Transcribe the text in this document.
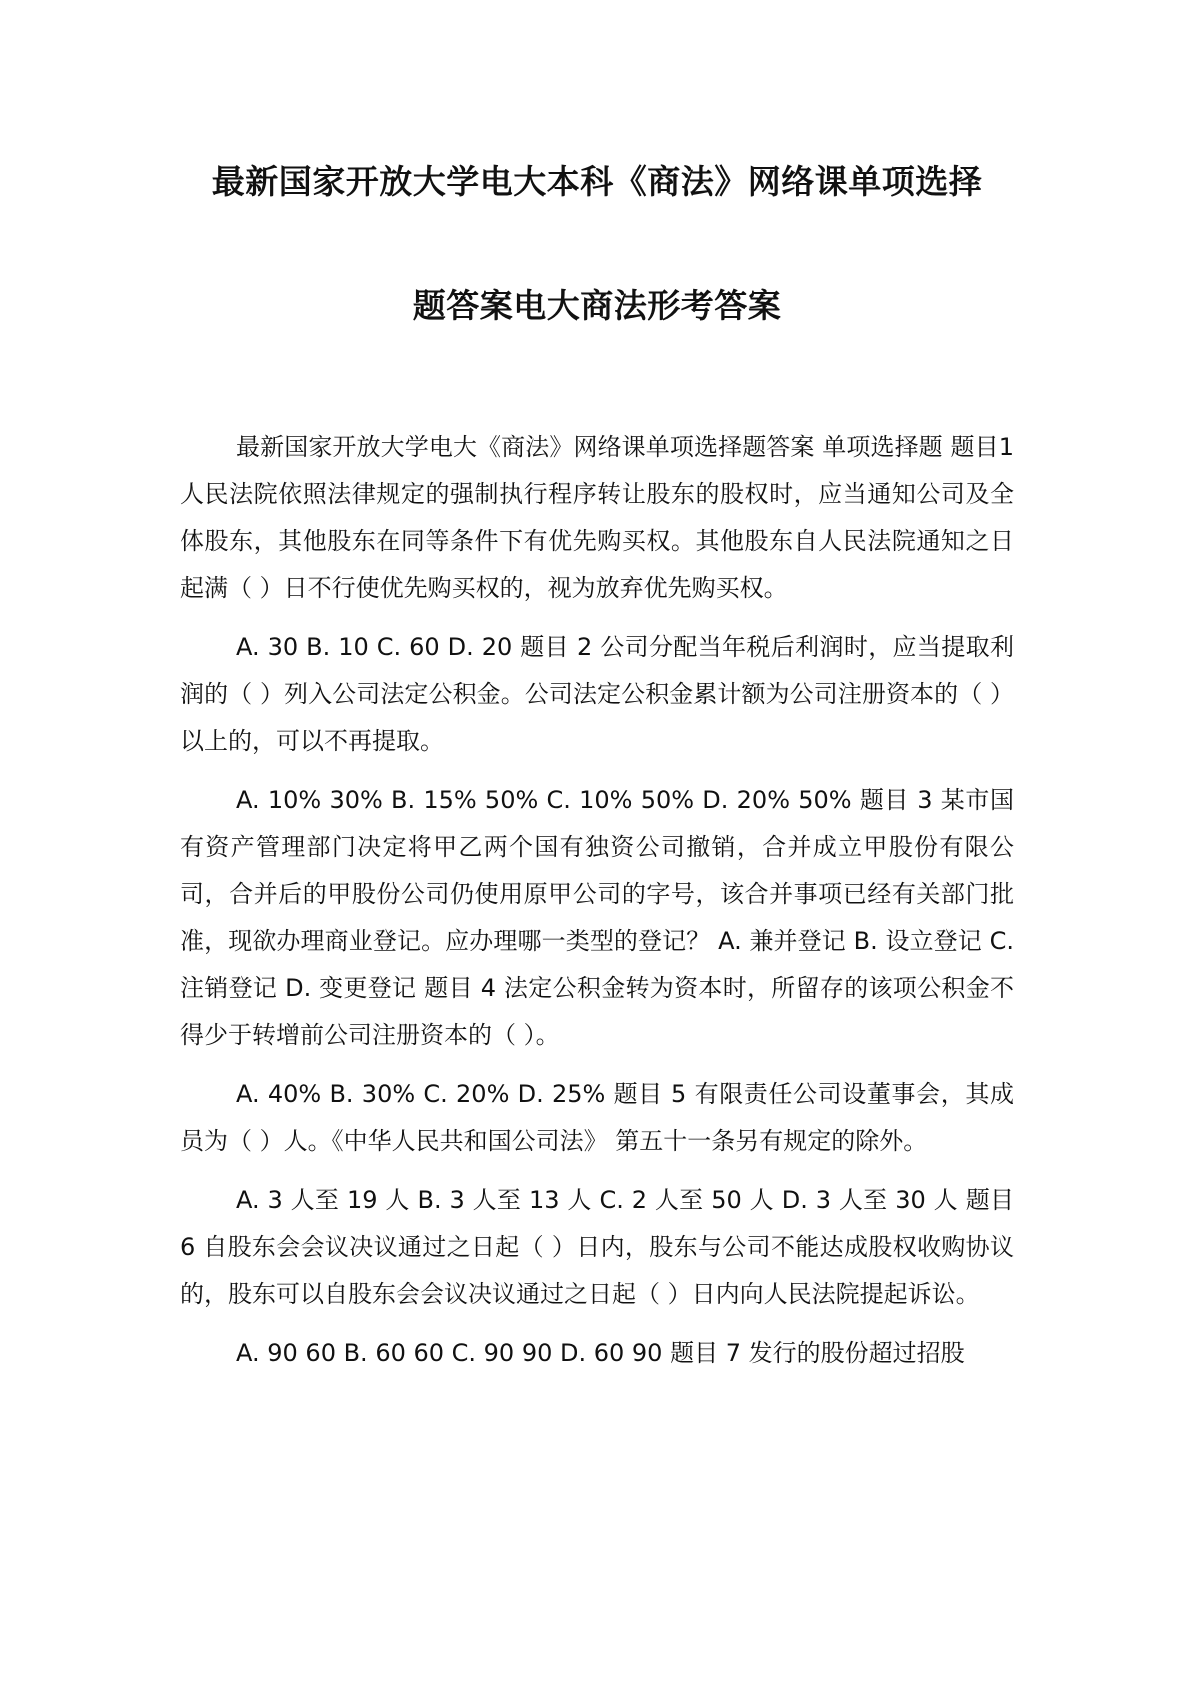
最新国家开放大学电大本科《商法》网络课单项选择
题答案电大商法形考答案

最新国家开放大学电大《商法》网络课单项选择题答案 单项选择题 题目1 人民法院依照法律规定的强制执行程序转让股东的股权时，应当通知公司及全体股东，其他股东在同等条件下有优先购买权。其他股东自人民法院通知之日起满（ ）日不行使优先购买权的，视为放弃优先购买权。

A. 30 B. 10 C. 60 D. 20 题目 2 公司分配当年税后利润时，应当提取利润的（ ）列入公司法定公积金。公司法定公积金累计额为公司注册资本的（ ）以上的，可以不再提取。

A. 10% 30% B. 15% 50% C. 10% 50% D. 20% 50% 题目 3 某市国有资产管理部门决定将甲乙两个国有独资公司撤销，合并成立甲股份有限公司，合并后的甲股份公司仍使用原甲公司的字号，该合并事项已经有关部门批准，现欲办理商业登记。应办理哪一类型的登记？ A. 兼并登记 B. 设立登记 C. 注销登记 D. 变更登记 题目 4 法定公积金转为资本时，所留存的该项公积金不得少于转增前公司注册资本的（ ）。

A. 40% B. 30% C. 20% D. 25% 题目 5 有限责任公司设董事会，其成员为（ ）人。《中华人民共和国公司法》 第五十一条另有规定的除外。

A. 3 人至 19 人 B. 3 人至 13 人 C. 2 人至 50 人 D. 3 人至 30 人 题目 6 自股东会会议决议通过之日起（ ）日内，股东与公司不能达成股权收购协议的，股东可以自股东会会议决议通过之日起（ ）日内向人民法院提起诉讼。

A. 90 60 B. 60 60 C. 90 90 D. 60 90 题目 7 发行的股份超过招股
